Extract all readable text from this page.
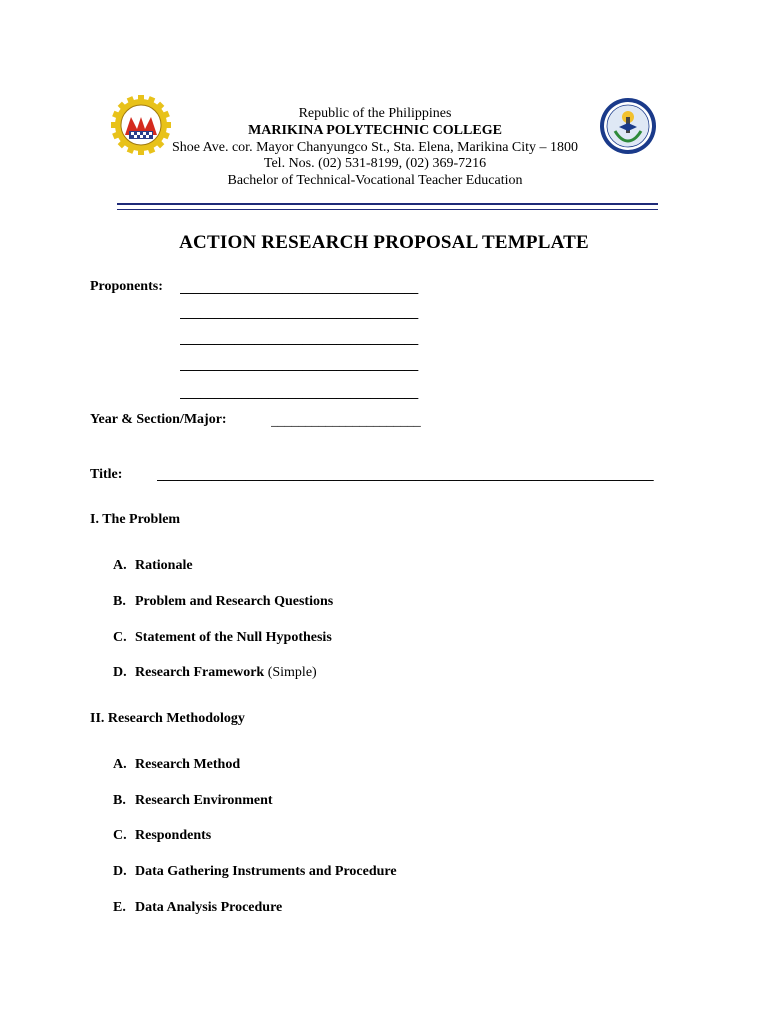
Republic of the Philippines
MARIKINA POLYTECHNIC COLLEGE
Shoe Ave. cor. Mayor Chanyungco St., Sta. Elena, Marikina City – 1800
Tel. Nos. (02) 531-8199, (02) 369-7216
Bachelor of Technical-Vocational Teacher Education
ACTION RESEARCH PROPOSAL TEMPLATE
Proponents: ___________________________________
___________________________________
___________________________________
___________________________________
___________________________________
Year & Section/Major:	______________________
Title: _________________________________________________________________________
I. The Problem
A. Rationale
B. Problem and Research Questions
C. Statement of the Null Hypothesis
D. Research Framework (Simple)
II. Research Methodology
A. Research Method
B. Research Environment
C. Respondents
D. Data Gathering Instruments and Procedure
E. Data Analysis Procedure
